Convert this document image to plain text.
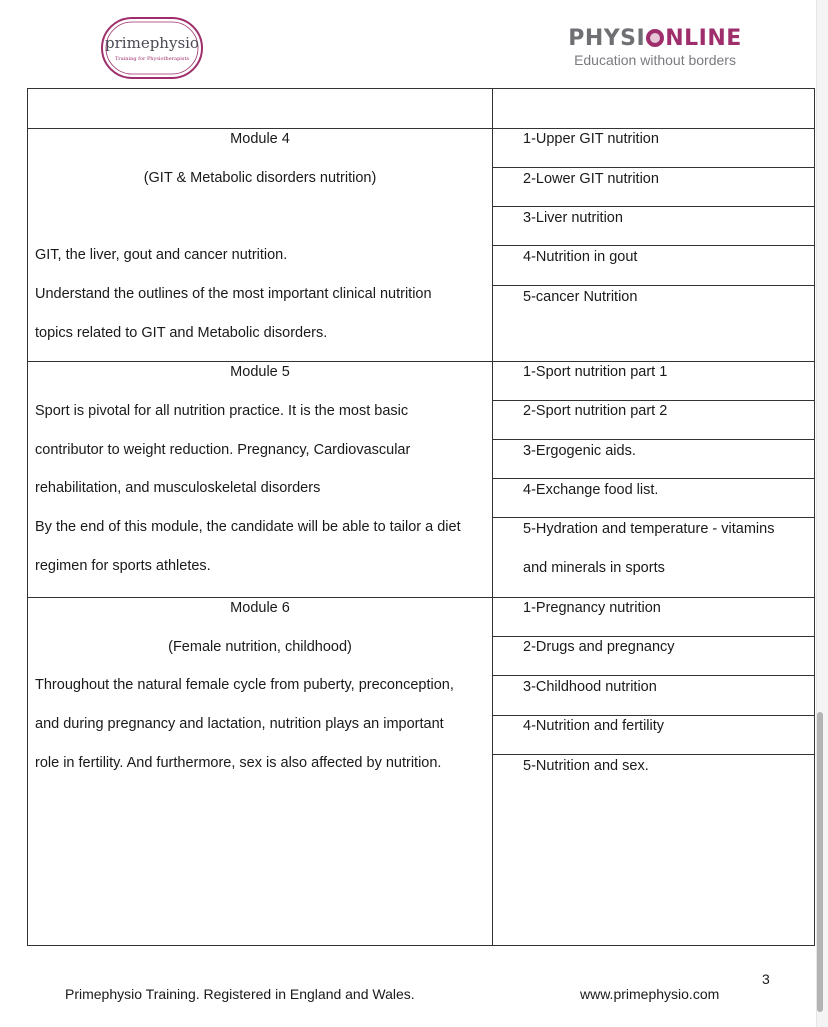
primephysio
Training for Physiotherapists
PHYSI NLINE
Education without borders
Module 4
(GIT & Metabolic disorders nutrition)
GIT, the liver, gout and cancer nutrition.
Understand the outlines of the most important clinical nutrition
topics related to GIT and Metabolic disorders.
1-Upper GIT nutrition
2-Lower GIT nutrition
3-Liver nutrition
4-Nutrition in gout
5-cancer Nutrition
Module 5
Sport is pivotal for all nutrition practice. It is the most basic
contributor to weight reduction. Pregnancy, Cardiovascular
rehabilitation, and musculoskeletal disorders
By the end of this module, the candidate will be able to tailor a diet
regimen for sports athletes.
1-Sport nutrition part 1
2-Sport nutrition part 2
3-Ergogenic aids.
4-Exchange food list.
5-Hydration and temperature - vitamins
and minerals in sports
Module 6
(Female nutrition, childhood)
Throughout the natural female cycle from puberty, preconception,
and during pregnancy and lactation, nutrition plays an important
role in fertility. And furthermore, sex is also affected by nutrition.
1-Pregnancy nutrition
2-Drugs and pregnancy
3-Childhood nutrition
4-Nutrition and fertility
5-Nutrition and sex.
3
Primephysio Training. Registered in England and Wales.	www.primephysio.com
